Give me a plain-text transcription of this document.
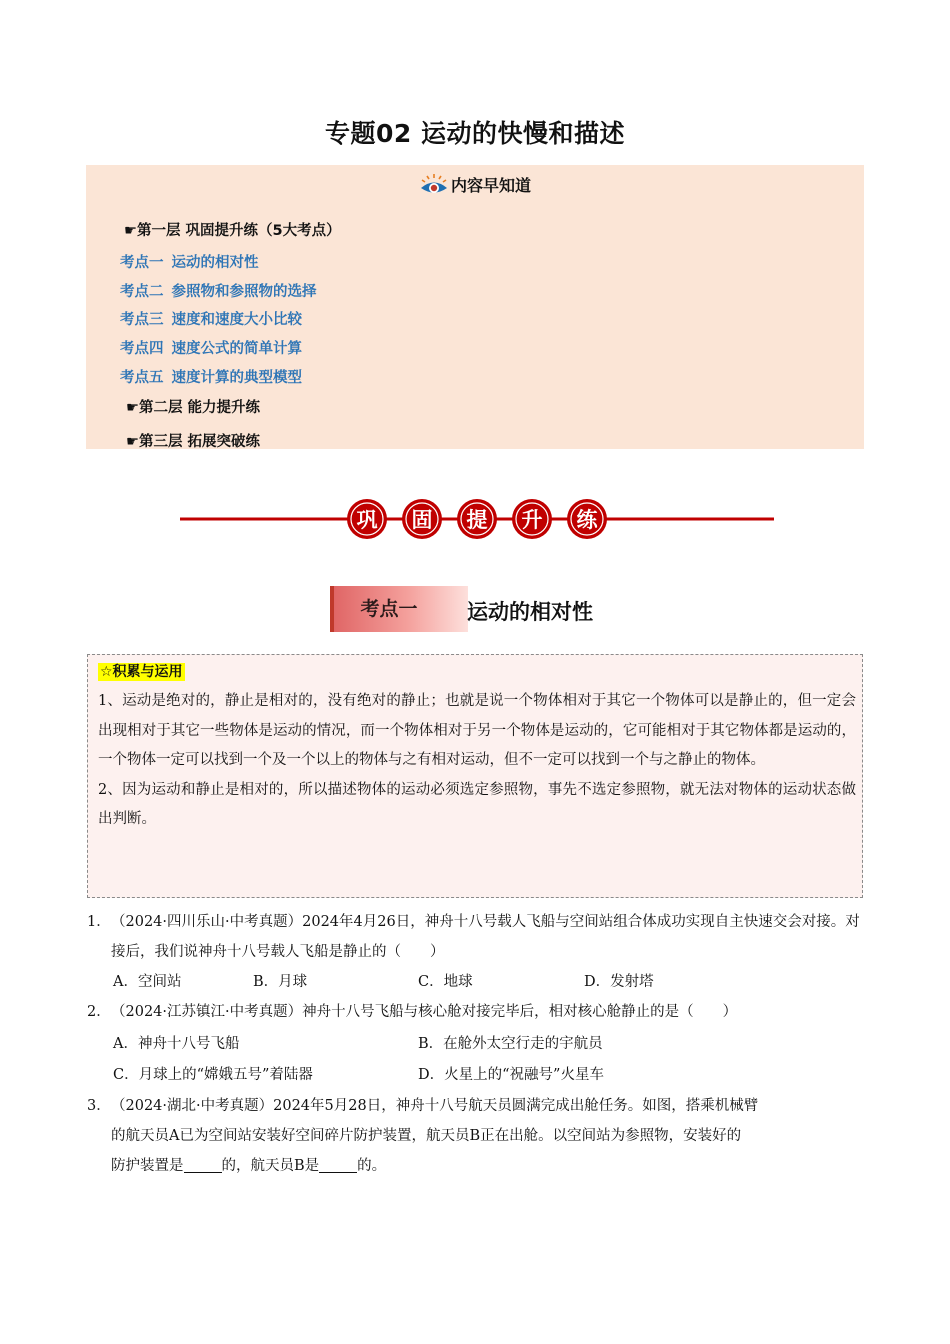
专题02 运动的快慢和描述
内容早知道
☛第一层 巩固提升练（5大考点）
考点一 运动的相对性
考点二 参照物和参照物的选择
考点三 速度和速度大小比较
考点四 速度公式的简单计算
考点五 速度计算的典型模型
☛第二层 能力提升练
☛第三层 拓展突破练
巩 固 提 升 练
考点一	运动的相对性
☆积累与运用

1、运动是绝对的，静止是相对的，没有绝对的静止；也就是说一个物体相对于其它一个物体可以是静止的，但一定会出现相对于其它一些物体是运动的情况，而一个物体相对于另一个物体是运动的，它可能相对于其它物体都是运动的，一个物体一定可以找到一个及一个以上的物体与之有相对运动，但不一定可以找到一个与之静止的物体。

2、因为运动和静止是相对的，所以描述物体的运动必须选定参照物，事先不选定参照物，就无法对物体的运动状态做出判断。

1． （2024·四川乐山·中考真题）2024年4月26日，神舟十八号载人飞船与空间站组合体成功实现自主快速交会对接。对接后，我们说神舟十八号载人飞船是静止的（　　）
A．空间站	B．月球	C．地球	D．发射塔
2． （2024·江苏镇江·中考真题）神舟十八号飞船与核心舱对接完毕后，相对核心舱静止的是（　　）
A．神舟十八号飞船	B．在舱外太空行走的宇航员
C．月球上的“嫦娥五号”着陆器	D．火星上的“祝融号”火星车
3． （2024·湖北·中考真题）2024年5月28日，神舟十八号航天员圆满完成出舱任务。如图，搭乘机械臂
的航天员A已为空间站安装好空间碎片防护装置，航天员B正在出舱。以空间站为参照物，安装好的
防护装置是	的，航天员B是	的。
